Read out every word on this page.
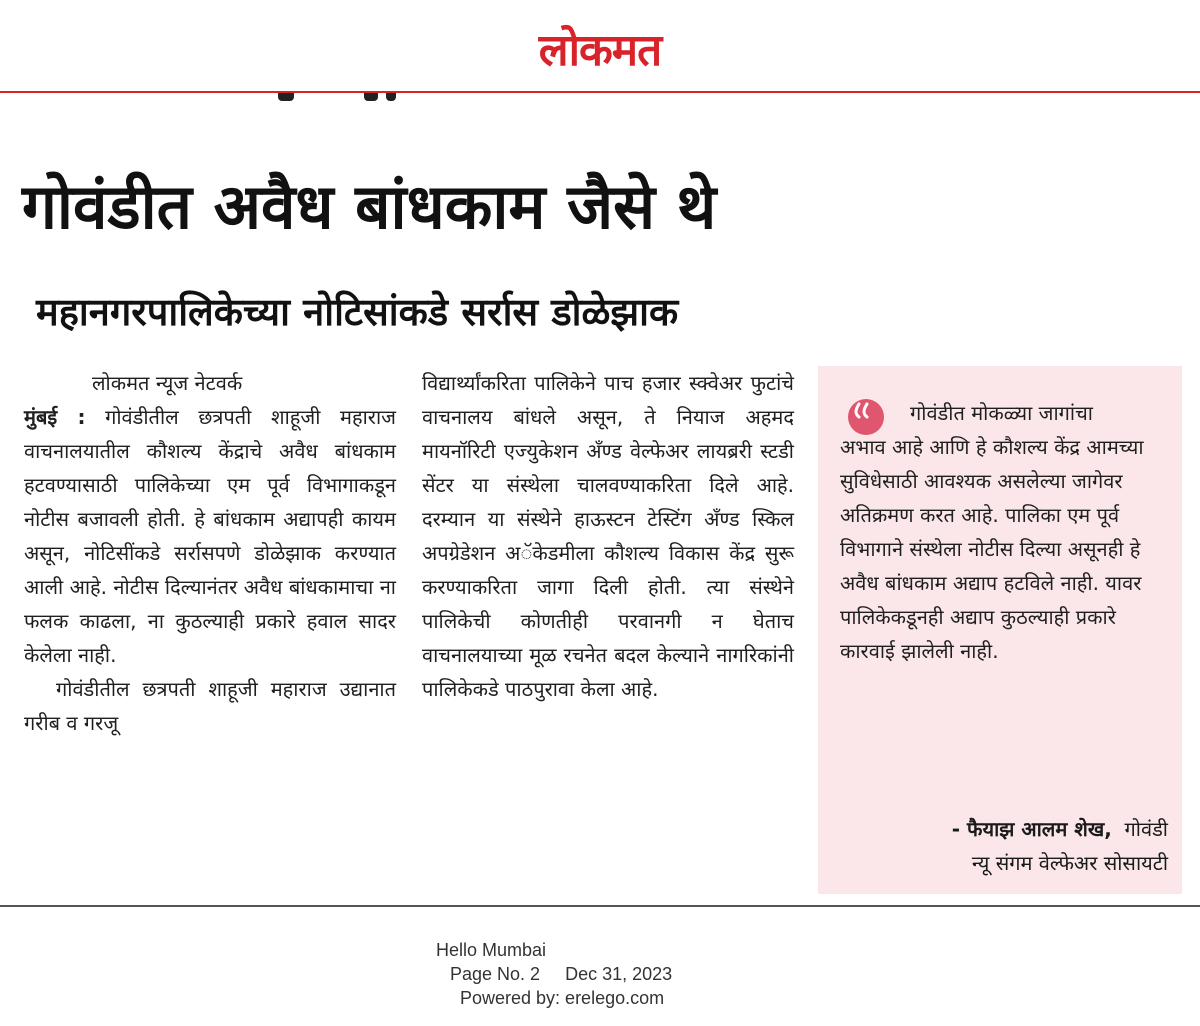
लोकमत
गोवंडीत अवैध बांधकाम जैसे थे
महानगरपालिकेच्या नोटिसांकडे सर्रास डोळेझाक

लोकमत न्यूज नेटवर्क

मुंबई : गोवंडीतील छत्रपती शाहूजी महाराज वाचनालयातील कौशल्य केंद्राचे अवैध बांधकाम हटवण्यासाठी पालिकेच्या एम पूर्व विभागाकडून नोटीस बजावली होती. हे बांधकाम अद्यापही कायम असून, नोटिसींकडे सर्रासपणे डोळेझाक करण्यात आली आहे. नोटीस दिल्यानंतर अवैध बांधकामाचा ना फलक काढला, ना कुठल्याही प्रकारे हवाल सादर केलेला नाही.

गोवंडीतील छत्रपती शाहूजी महाराज उद्यानात गरीब व गरजू

विद्यार्थ्यांकरिता पालिकेने पाच हजार स्क्वेअर फुटांचे वाचनालय बांधले असून, ते नियाज अहमद मायनॉरिटी एज्युकेशन अँण्ड वेल्फेअर लायब्ररी स्टडी सेंटर या संस्थेला चालवण्याकरिता दिले आहे. दरम्यान या संस्थेने हाऊस्टन टेस्टिंग अँण्ड स्किल अपग्रेडेशन अॅकेडमीला कौशल्य विकास केंद्र सुरू करण्याकरिता जागा दिली होती. त्या संस्थेने पालिकेची कोणतीही परवानगी न घेताच वाचनालयाच्या मूळ रचनेत बदल केल्याने नागरिकांनी पालिकेकडे पाठपुरावा केला आहे.

गोवंडीत मोकळ्या जागांचा
अभाव आहे आणि हे कौशल्य केंद्र आमच्या सुविधेसाठी आवश्यक असलेल्या जागेवर अतिक्रमण करत आहे. पालिका एम पूर्व विभागाने संस्थेला नोटीस दिल्या असूनही हे अवैध बांधकाम अद्याप हटविले नाही. यावर पालिकेकडूनही अद्याप कुठल्याही प्रकारे कारवाई झालेली नाही.
- फैयाझ आलम शेख, गोवंडी
न्यू संगम वेल्फेअर सोसायटी
Hello Mumbai
Page No. 2     Dec 31, 2023
Powered by: erelego.com
